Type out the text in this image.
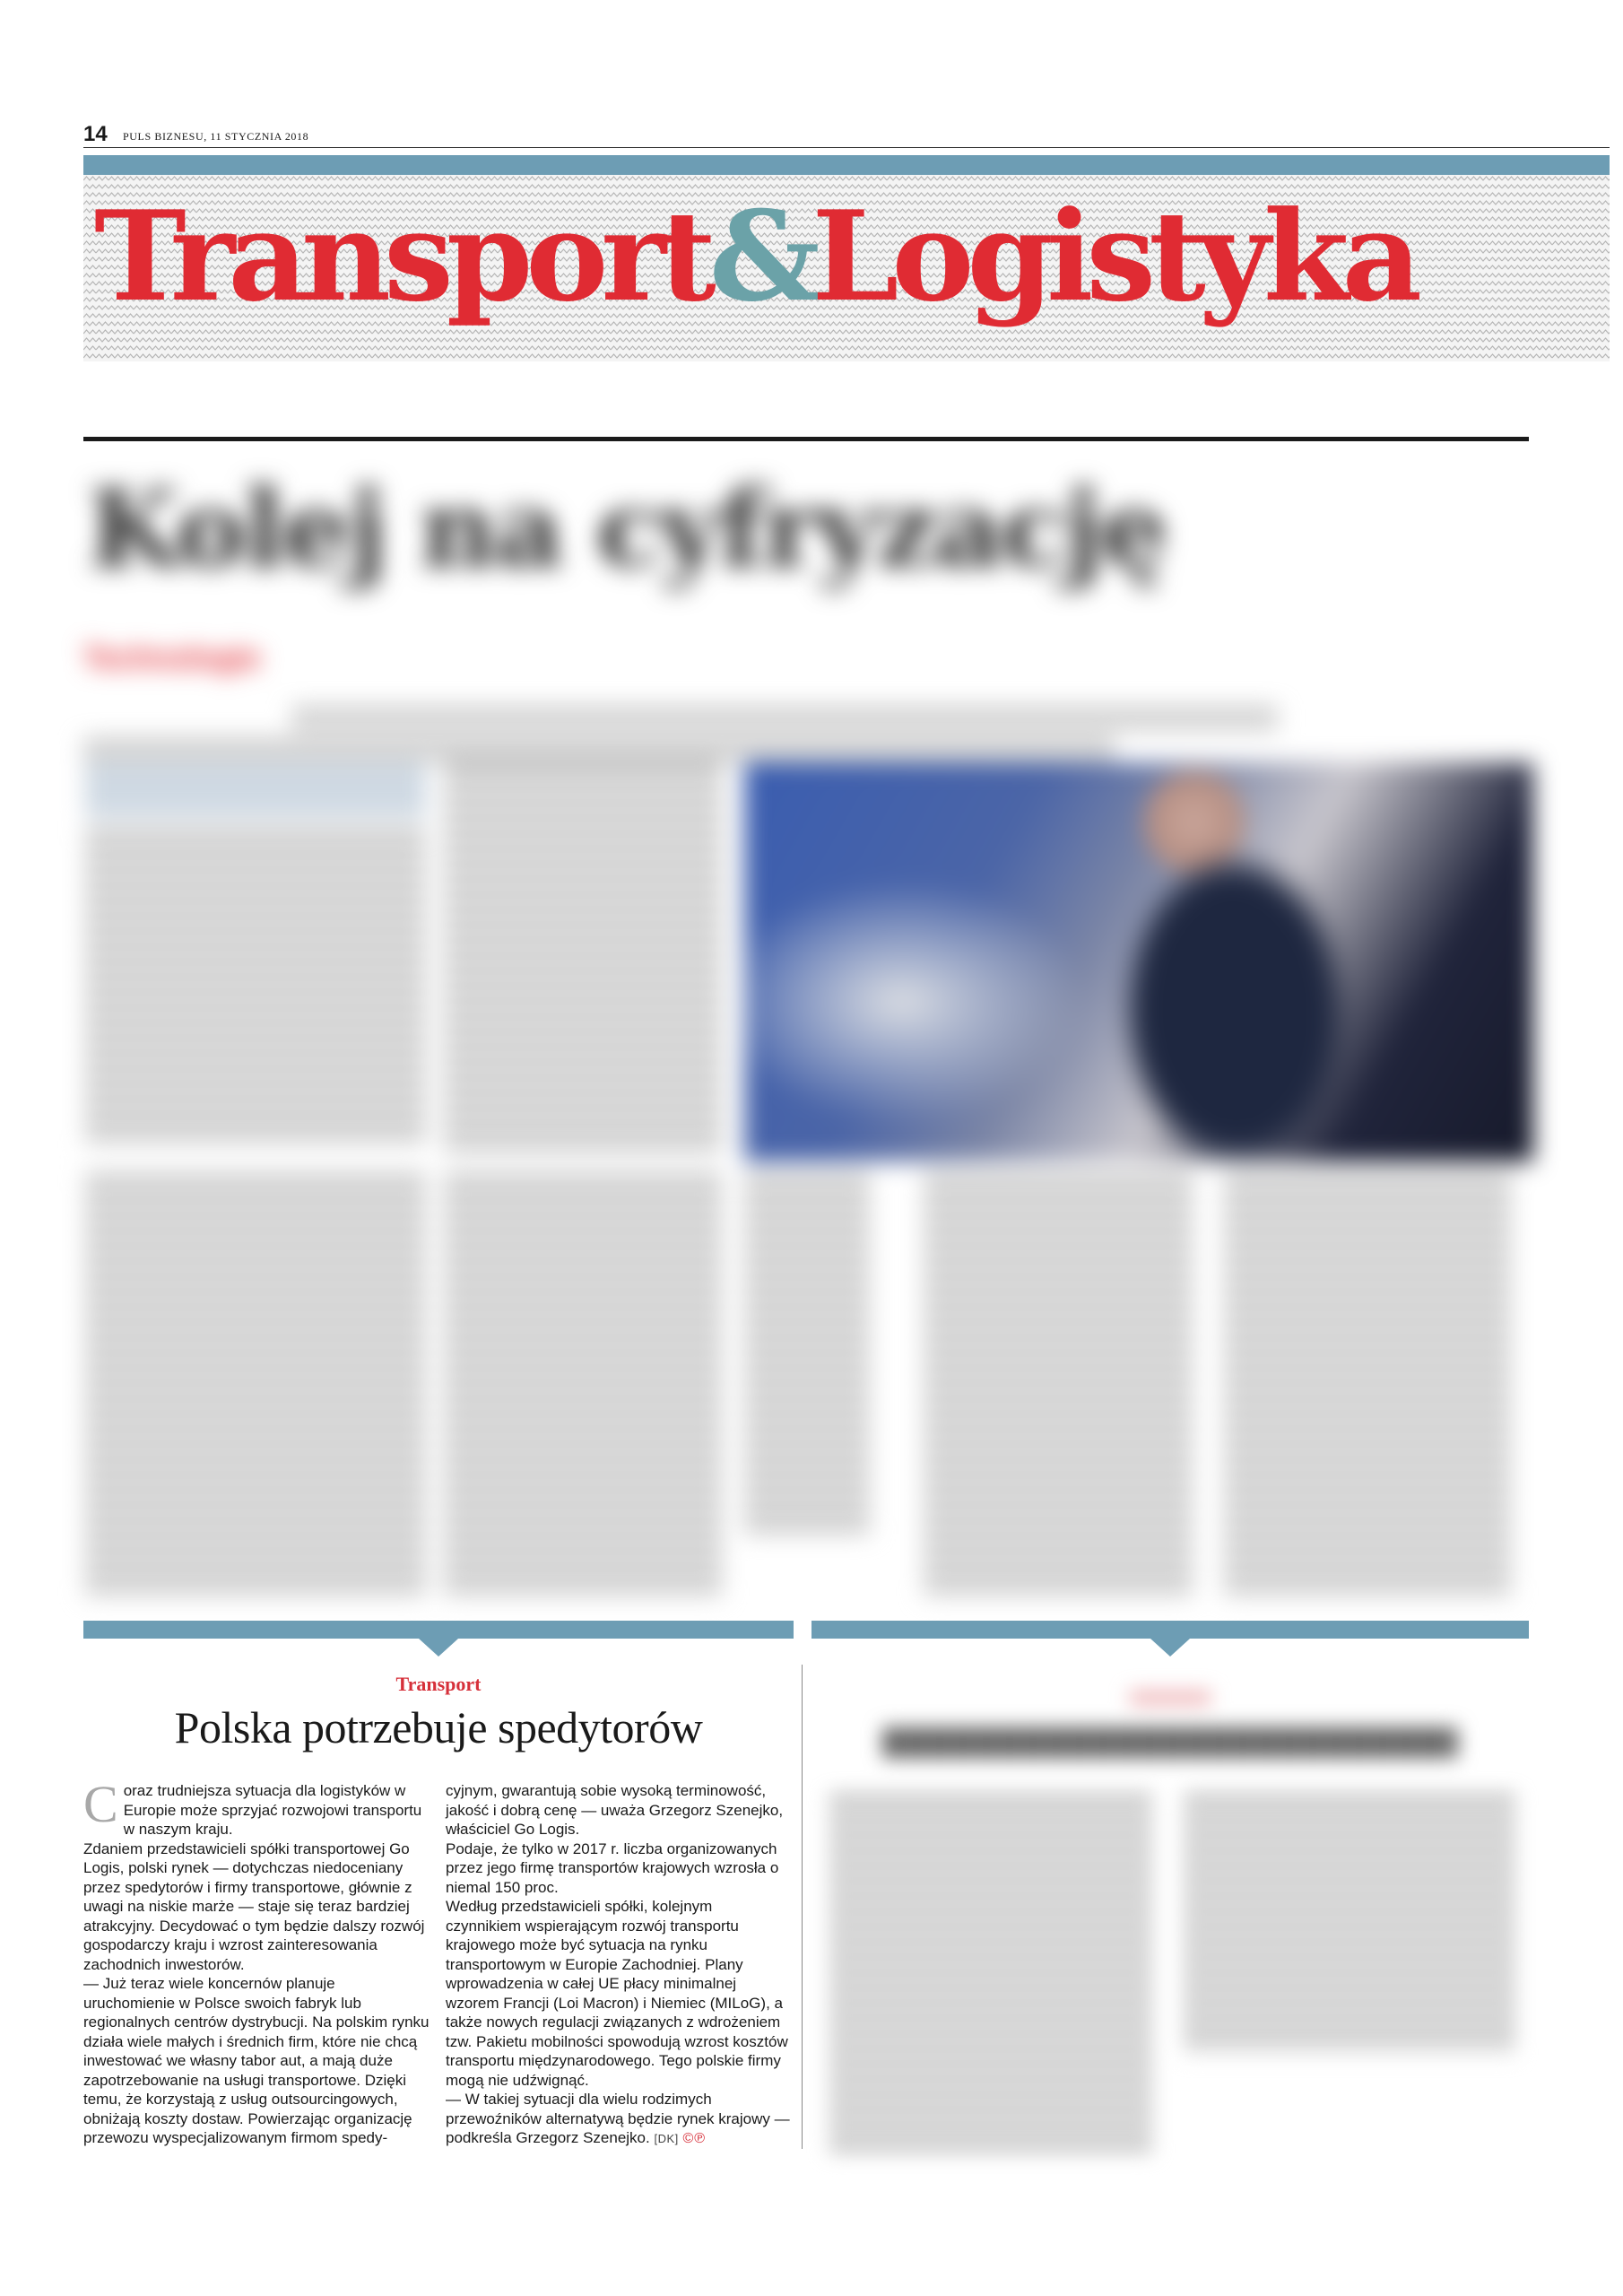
14 PULS BIZNESU, 11 STYCZNIA 2018
Transport&Logistyka
Kolej na cyfryzację
Technologie
Transport
Polska potrzebuje spedytorów

Coraz trudniejsza sytuacja dla logistyków w Europie może sprzyjać rozwojowi transportu w naszym kraju.

Zdaniem przedstawicieli spółki transportowej Go Logis, polski rynek — dotychczas niedoceniany przez spedytorów i firmy transportowe, głównie z uwagi na niskie marże — staje się teraz bardziej atrakcyjny. Decydować o tym będzie dalszy rozwój gospodarczy kraju i wzrost zainteresowania zachodnich inwestorów.

— Już teraz wiele koncernów planuje uruchomienie w Polsce swoich fabryk lub regionalnych centrów dystrybucji. Na polskim rynku działa wiele małych i średnich firm, które nie chcą inwestować we własny tabor aut, a mają duże zapotrzebowanie na usługi transportowe. Dzięki temu, że korzystają z usług outsourcingowych, obniżają koszty dostaw. Powierzając organizację przewozu wyspecjalizowanym firmom spedy-

cyjnym, gwarantują sobie wysoką terminowość, jakość i dobrą cenę — uważa Grzegorz Szenejko, właściciel Go Logis.

Podaje, że tylko w 2017 r. liczba organizowanych przez jego firmę transportów krajowych wzrosła o niemal 150 proc.

Według przedstawicieli spółki, kolejnym czynnikiem wspierającym rozwój transportu krajowego może być sytuacja na rynku transportowym w Europie Zachodniej. Plany wprowadzenia w całej UE płacy minimalnej wzorem Francji (Loi Macron) i Niemiec (MILoG), a także nowych regulacji związanych z wdrożeniem tzw. Pakietu mobilności spowodują wzrost kosztów transportu międzynarodowego. Tego polskie firmy mogą nie udźwignąć.

— W takiej sytuacji dla wielu rodzimych przewoźników alternatywą będzie rynek krajowy — podkreśla Grzegorz Szenejko. [DK] ©℗
